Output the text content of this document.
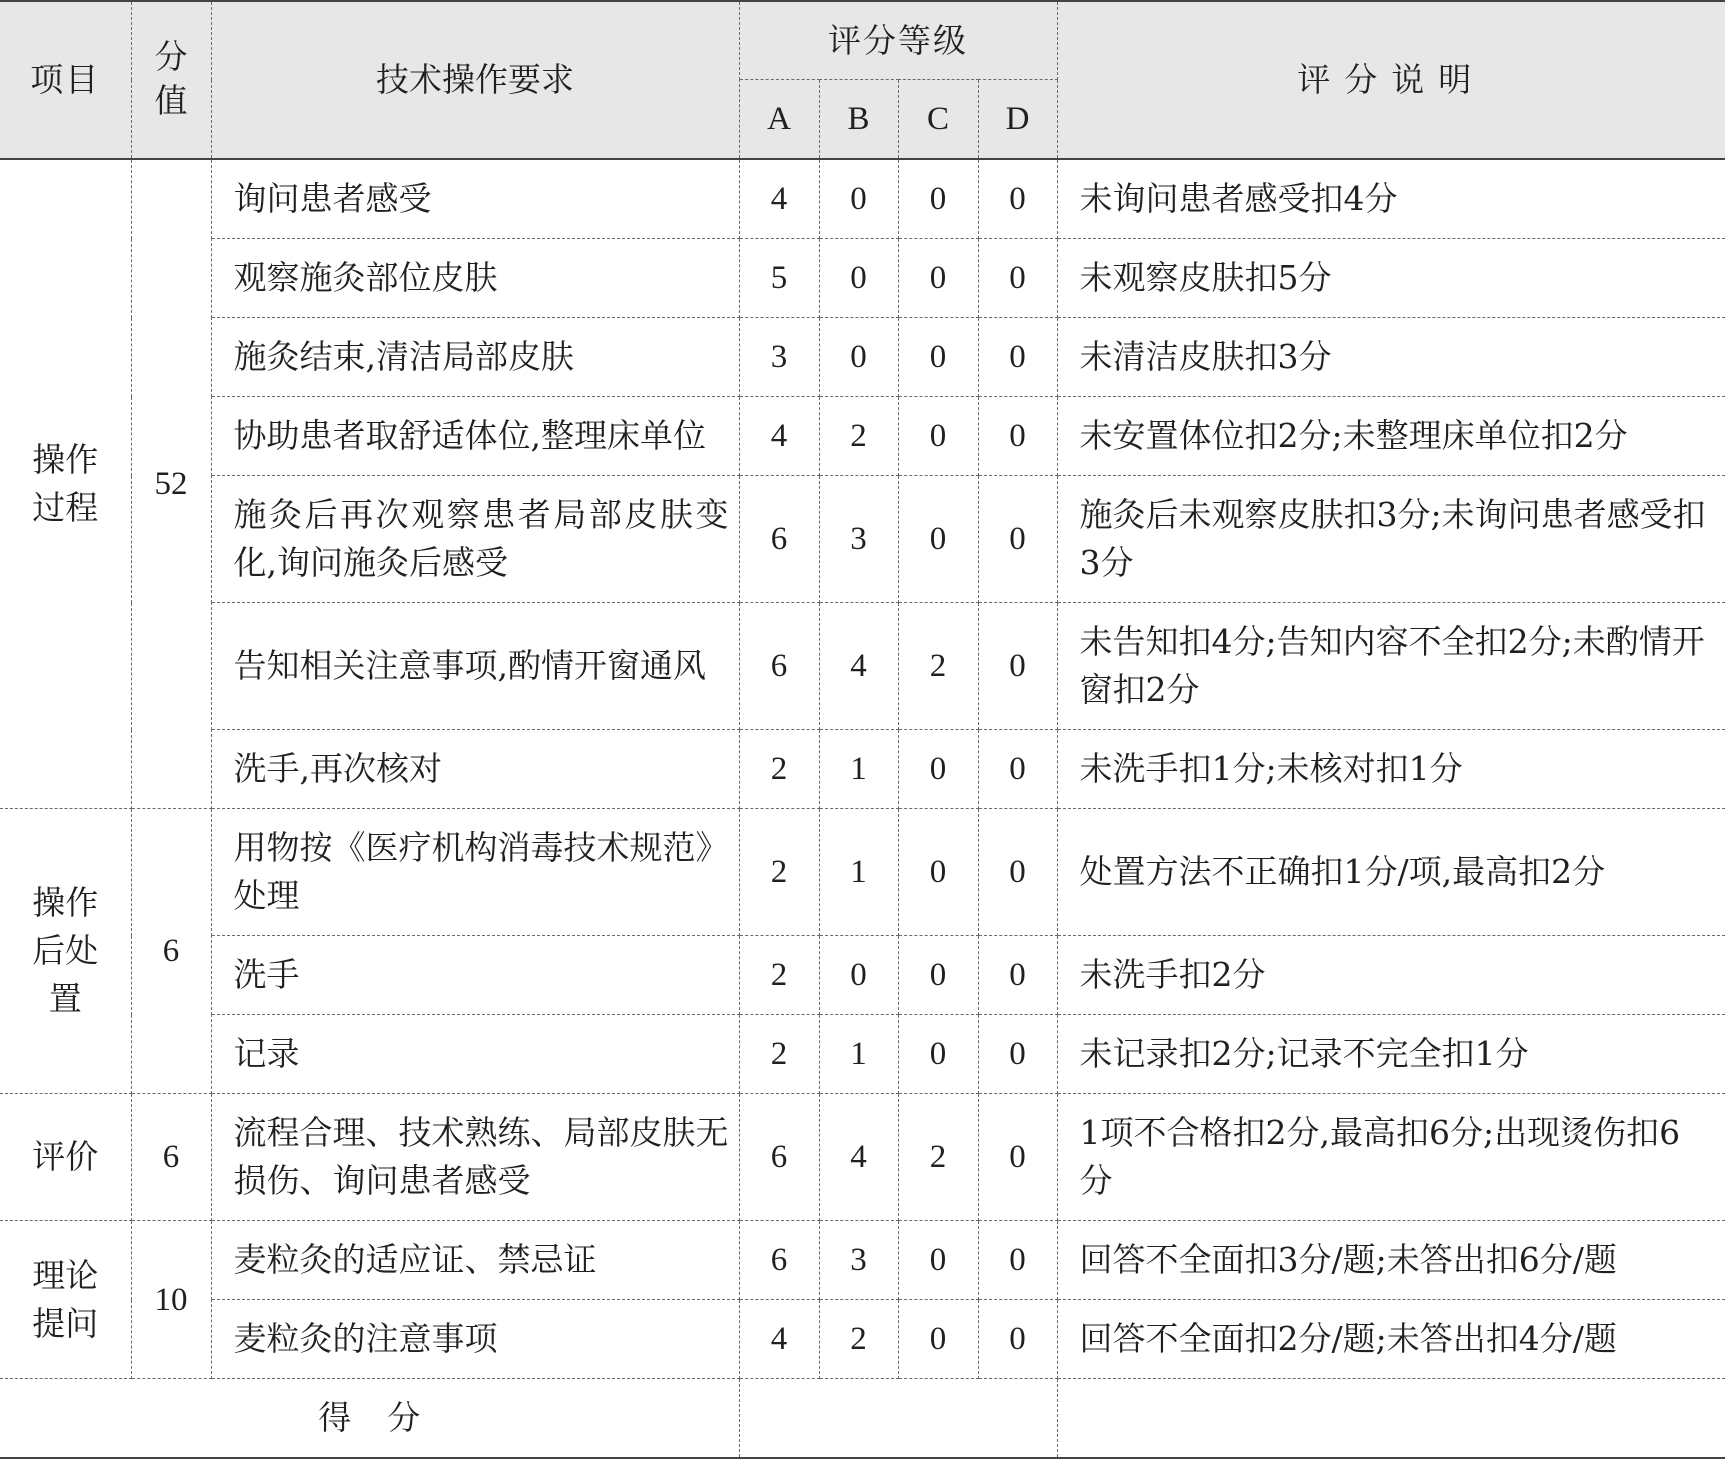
项目	分值	技术操作要求	评分等级				评分说明
			A	B	C	D	
操作过程	52	询问患者感受	4	0	0	0	未询问患者感受扣4分
		观察施灸部位皮肤	5	0	0	0	未观察皮肤扣5分
		施灸结束,清洁局部皮肤	3	0	0	0	未清洁皮肤扣3分
		协助患者取舒适体位,整理床单位	4	2	0	0	未安置体位扣2分;未整理床单位扣2分
		施灸后再次观察患者局部皮肤变化,询问施灸后感受	6	3	0	0	施灸后未观察皮肤扣3分;未询问患者感受扣3分
		告知相关注意事项,酌情开窗通风	6	4	2	0	未告知扣4分;告知内容不全扣2分;未酌情开窗扣2分
		洗手,再次核对	2	1	0	0	未洗手扣1分;未核对扣1分
操作后处置	6	用物按《医疗机构消毒技术规范》处理	2	1	0	0	处置方法不正确扣1分/项,最高扣2分
		洗手	2	0	0	0	未洗手扣2分
		记录	2	1	0	0	未记录扣2分;记录不完全扣1分
评价	6	流程合理、技术熟练、局部皮肤无损伤、询问患者感受	6	4	2	0	1项不合格扣2分,最高扣6分;出现烫伤扣6分
理论提问	10	麦粒灸的适应证、禁忌证	6	3	0	0	回答不全面扣3分/题;未答出扣6分/题
		麦粒灸的注意事项	4	2	0	0	回答不全面扣2分/题;未答出扣4分/题
得分							
